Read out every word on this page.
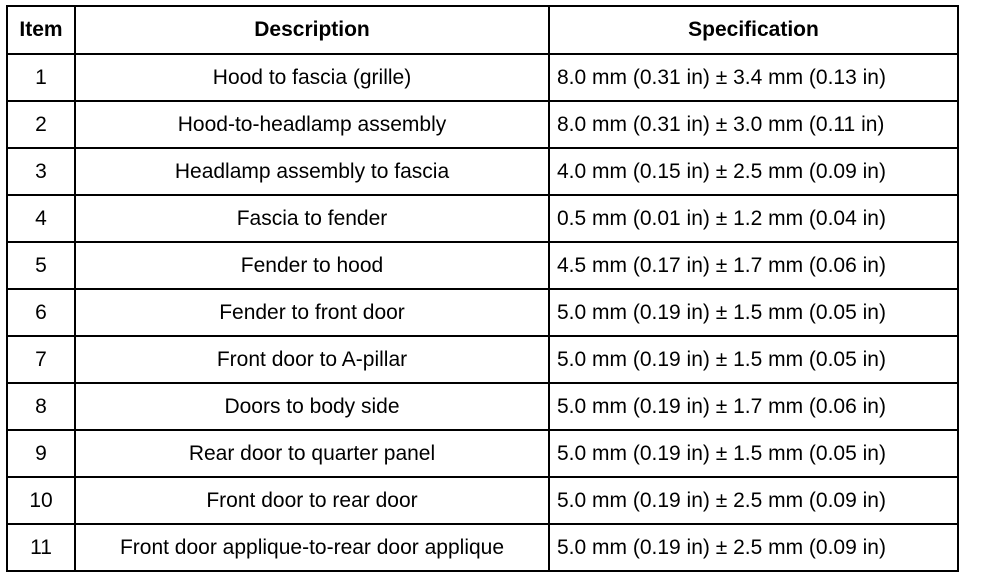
Item	Description	Specification
1	Hood to fascia (grille)	8.0 mm (0.31 in) ± 3.4 mm (0.13 in)
2	Hood-to-headlamp assembly	8.0 mm (0.31 in) ± 3.0 mm (0.11 in)
3	Headlamp assembly to fascia	4.0 mm (0.15 in) ± 2.5 mm (0.09 in)
4	Fascia to fender	0.5 mm (0.01 in) ± 1.2 mm (0.04 in)
5	Fender to hood	4.5 mm (0.17 in) ± 1.7 mm (0.06 in)
6	Fender to front door	5.0 mm (0.19 in) ± 1.5 mm (0.05 in)
7	Front door to A-pillar	5.0 mm (0.19 in) ± 1.5 mm (0.05 in)
8	Doors to body side	5.0 mm (0.19 in) ± 1.7 mm (0.06 in)
9	Rear door to quarter panel	5.0 mm (0.19 in) ± 1.5 mm (0.05 in)
10	Front door to rear door	5.0 mm (0.19 in) ± 2.5 mm (0.09 in)
11	Front door applique-to-rear door applique	5.0 mm (0.19 in) ± 2.5 mm (0.09 in)
